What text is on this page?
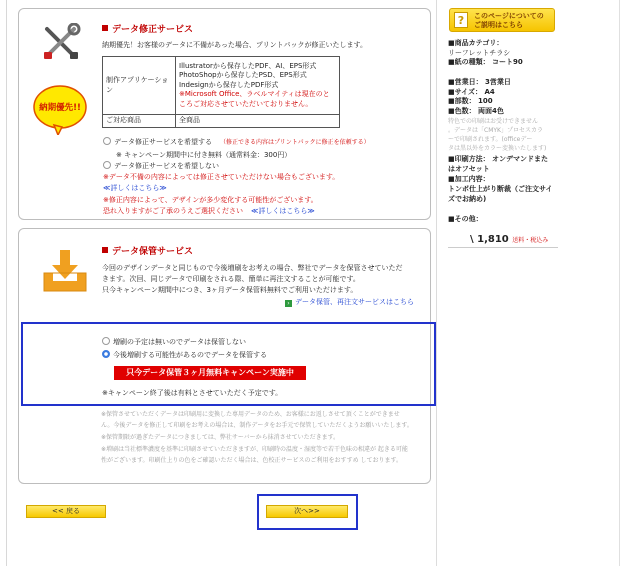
データ修正サービス
納期優先！お客様のデータに不備があった場合、プリントパックが修正いたします。
制作アプリケーション	Illustratorから保存したPDF、AI、EPS形式
PhotoShopから保存したPSD、EPS形式
Indesignから保存したPDF形式
※Microsoft Office、ラベルマイティは現在のと
ころご対応させていただいておりません。

ご対応商品	全商品
納期優先!!
データ修正サービスを希望する （修正できる内容はプリントパックに修正を依頼する）
※ キャンペーン期間中に付き無料（通常料金：300円）
データ修正サービスを希望しない
※データ不備の内容によっては修正させていただけない場合もございます。
≪詳しくはこちら≫
※修正内容によって、デザインが多少変化する可能性がございます。
恐れ入りますがご了承のうえご選択ください ≪詳しくはこちら≫
データ保管サービス
今回のデザインデータと同じもので今後増刷をお考えの場合、弊社でデータを保管させていただ
きます。次回、同じデータで印刷をされる際、簡単に再注文することが可能です。
只今キャンペーン期間中につき、3ヶ月データ保管料無料でご利用いただけます。
› データ保管、再注文サービスはこちら
増刷の予定は無いのでデータは保管しない
今後増刷する可能性があるのでデータを保管する
只今データ保管３ヶ月無料キャンペーン実施中
※キャンペーン終了後は有料とさせていただく予定です。
※保管させていただくデータは印刷用に変換した専用データのため、お客様にお返しさせて頂くことができませ
ん。今後データを修正して印刷をお考えの場合は、制作データをお手元で保管していただくようお願いいたします。
※保管期限が過ぎたデータにつきましては、弊社サーバーから抹消させていただきます。
※増刷は当社標準濃度を基準に印刷させていただきますが、印刷時の温度・湿度等で若干色味の相違が 起きる可能
性がございます。印刷仕上りの色をご確認いただく場合は、色校正サービスのご利用をおすすめ しております。
<< 戻る	次へ>>
?	このページについての
ご説明はこちら
■商品カテゴリ：
リーフレットチラシ
■紙の種類： コート90
■営業日： 3営業日
■サイズ： A4
■部数： 100
■色数： 両面4色
特色での印刷はお受けできません
。データは「CMYK」プロセスカラ
ーで印刷されます。(officeデー
タは黒以外をカラー変換いたします)
■印刷方法： オンデマンドまた
はオフセット
■加工内容：
トンボ仕上がり断裁（ご注文サイ
ズでお納め)
■その他：
\ 1,810 送料・税込み
